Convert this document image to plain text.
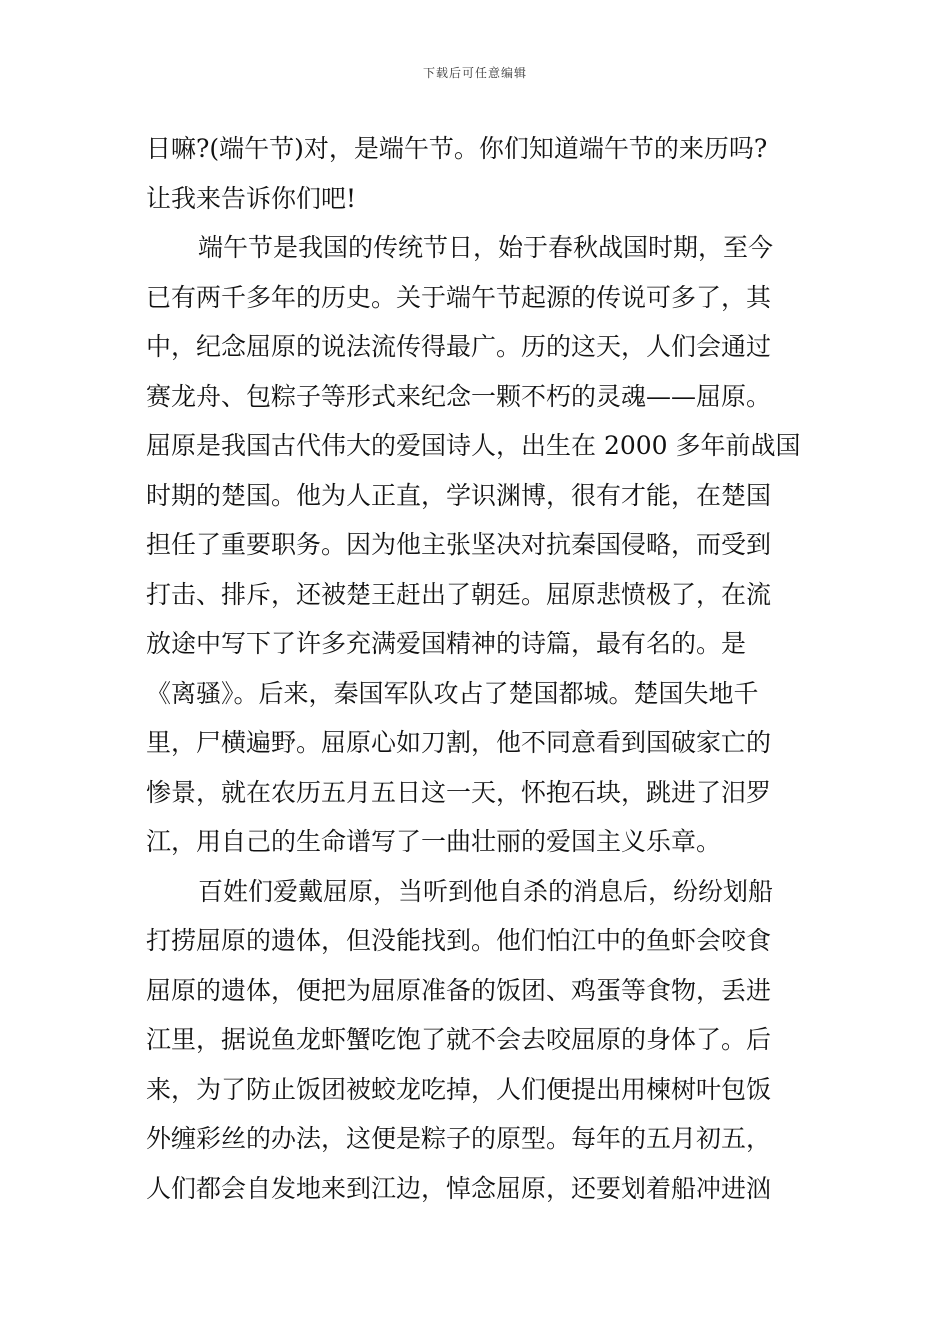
下载后可任意编辑
日嘛?(端午节)对，是端午节。你们知道端午节的来历吗?
让我来告诉你们吧!
端午节是我国的传统节日，始于春秋战国时期，至今
已有两千多年的历史。关于端午节起源的传说可多了，其
中，纪念屈原的说法流传得最广。历的这天，人们会通过
赛龙舟、包粽子等形式来纪念一颗不朽的灵魂——屈原。
屈原是我国古代伟大的爱国诗人，出生在 2000 多年前战国
时期的楚国。他为人正直，学识渊博，很有才能，在楚国
担任了重要职务。因为他主张坚决对抗秦国侵略，而受到
打击、排斥，还被楚王赶出了朝廷。屈原悲愤极了，在流
放途中写下了许多充满爱国精神的诗篇，最有名的。是
《离骚》。后来，秦国军队攻占了楚国都城。楚国失地千
里，尸横遍野。屈原心如刀割，他不同意看到国破家亡的
惨景，就在农历五月五日这一天，怀抱石块，跳进了汨罗
江，用自己的生命谱写了一曲壮丽的爱国主义乐章。
百姓们爱戴屈原，当听到他自杀的消息后，纷纷划船
打捞屈原的遗体，但没能找到。他们怕江中的鱼虾会咬食
屈原的遗体，便把为屈原准备的饭团、鸡蛋等食物，丢进
江里，据说鱼龙虾蟹吃饱了就不会去咬屈原的身体了。后
来，为了防止饭团被蛟龙吃掉，人们便提出用楝树叶包饭
外缠彩丝的办法，这便是粽子的原型。每年的五月初五，
人们都会自发地来到江边，悼念屈原，还要划着船冲进汹
